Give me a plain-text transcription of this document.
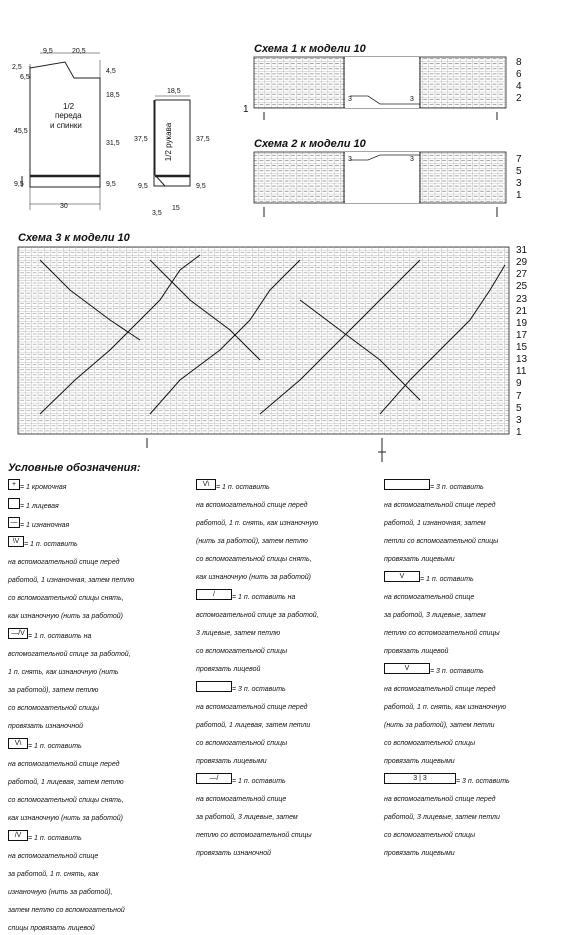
9,5	20,5
2,5
6,5
4,5
18,5
45,5
31,5
9,5	9,5
30
1/2
переда
и спинки
18,5
37,5	37,5
9,5	9,5
3,5
15
1/2 рукава
Схема 1 к модели 10
Схема 2 к модели 10
Схема 3 к модели 10
8
6
4
2
1
3	3
7
5
3
1
3	3
31
29
27
25
23
21
19
17
15
13
11
9
7
5
3
1
Условные обозначения:
+ = 1 кромочная
= 1 лицевая
— = 1 изнаночная
\V = 1 п. оставить
на вспомогательной спице перед
работой, 1 изнаночная, затем петлю
со вспомогательной спицы снять,
как изнаночную (нить за работой)
—/V = 1 п. оставить на
вспомогательной спице за работой,
1 п. снять, как изнаночную (нить
за работой), затем петлю
со вспомогательной спицы
провязать изнаночной
V\ = 1 п. оставить
на вспомогательной спице перед
работой, 1 лицевая, затем петлю
со вспомогательной спицы снять,
как изнаночную (нить за работой)
/V = 1 п. оставить
на вспомогательной спице
за работой, 1 п. снять, как
изнаночную (нить за работой),
затем петлю со вспомогательной
спицы провязать лицевой
V\ = 1 п. оставить
на вспомогательной спице перед
работой, 1 п. снять, как изнаночную
(нить за работой), затем петлю
со вспомогательной спицы снять,
как изнаночную (нить за работой)
/ = 1 п. оставить на
вспомогательной спице за работой,
3 лицевые, затем петлю
со вспомогательной спицы
провязать лицевой
= 3 п. оставить
на вспомогательной спице перед
работой, 1 лицевая, затем петли
со вспомогательной спицы
провязать лицевыми
—/ = 1 п. оставить
на вспомогательной спице
за работой, 3 лицевые, затем
петлю со вспомогательной спицы
провязать изнаночной
= 3 п. оставить
на вспомогательной спице перед
работой, 1 изнаночная, затем
петли со вспомогательной спицы
провязать лицевыми
V = 1 п. оставить
на вспомогательной спице
за работой, 3 лицевые, затем
петлю со вспомогательной спицы
провязать лицевой
V	= 3 п. оставить
на вспомогательной спице перед
работой, 1 п. снять, как изнаночную
(нить за работой), затем петли
со вспомогательной спицы
провязать лицевыми
3 | 3	= 3 п. оставить
на вспомогательной спице перед
работой, 3 лицевые, затем петли
со вспомогательной спицы
провязать лицевыми
